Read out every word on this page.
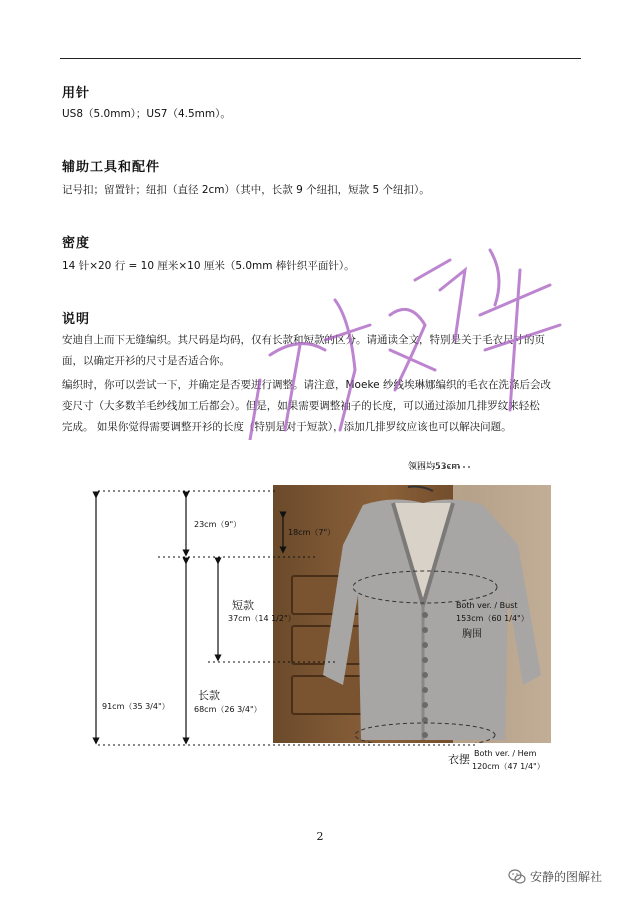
用针
US8（5.0mm）；US7（4.5mm）。
辅助工具和配件
记号扣；留置针；纽扣（直径 2cm）（其中，长款 9 个纽扣，短款 5 个纽扣）。
密度
14 针×20 行 = 10 厘米×10 厘米（5.0mm 棒针织平面针）。
说明
安迪自上而下无缝编织。其尺码是均码，仅有长款和短款的区分。请通读全文，特别是关于毛衣尺寸的页
面，以确定开衫的尺寸是否适合你。
编织时，你可以尝试一下，并确定是否要进行调整。请注意，Moeke 纱线埃琳娜编织的毛衣在洗涤后会改
变尺寸（大多数羊毛纱线加工后都会）。但是，如果需要调整袖子的长度，可以通过添加几排罗纹来轻松
完成。 如果你觉得需要调整开衫的长度（特别是对于短款），添加几排罗纹应该也可以解决问题。
领围均53cm
23cm（9"）
18cm（7"）
短款
37cm（14 1/2"）
Both ver. / Bust
153cm（60 1/4"）
胸围
长款
68cm（26 3/4"）
91cm（35 3/4"）
衣摆 Both ver. / Hem
120cm（47 1/4"）
2
安静的图解社
